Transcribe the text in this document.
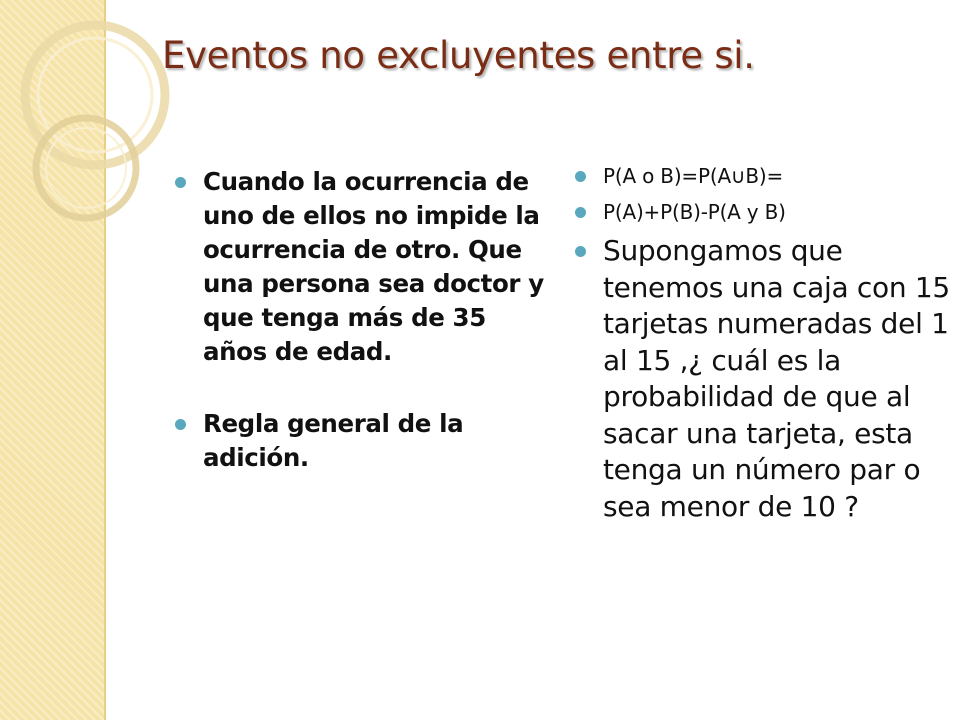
Eventos no excluyentes entre si.
Cuando la ocurrencia de uno de ellos no impide la ocurrencia de otro. Que una persona sea doctor y que tenga más de 35 años de edad.
Regla general de la adición.
P(A o B)=P(A∪B)=
P(A)+P(B)-P(A y B)
Supongamos que tenemos una caja con 15 tarjetas numeradas del 1 al 15 ,¿ cuál es la probabilidad de que al sacar una tarjeta, esta tenga un número par o sea menor de 10 ?
